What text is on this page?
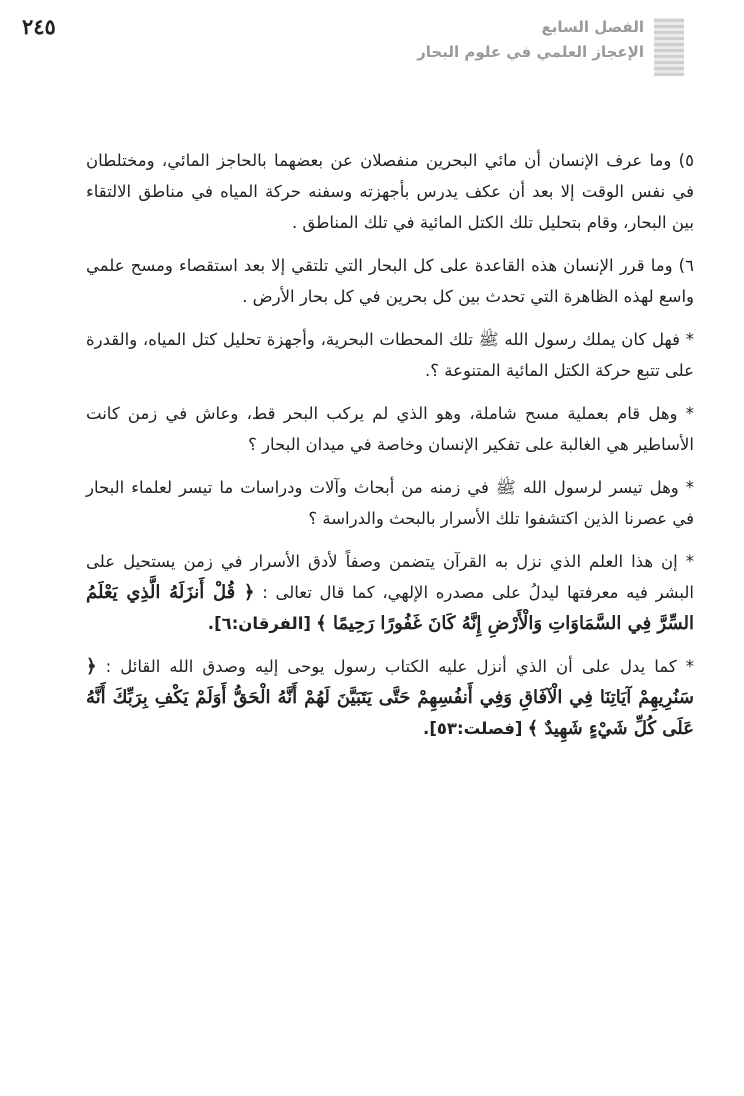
٢٤٥	الفصل السابع
الإعجاز العلمي في علوم البحار

٥) وما عرف الإنسان أن مائي البحرين منفصلان عن بعضهما بالحاجز المائي، ومختلطان في نفس الوقت إلا بعد أن عكف يدرس بأجهزته وسفنه حركة المياه في مناطق الالتقاء بين البحار، وقام بتحليل تلك الكتل المائية في تلك المناطق .

٦) وما قرر الإنسان هذه القاعدة على كل البحار التي تلتقي إلا بعد استقصاء ومسح علمي واسع لهذه الظاهرة التي تحدث بين كل بحرين في كل بحار الأرض .

* فهل كان يملك رسول الله ﷺ تلك المحطات البحرية، وأجهزة تحليل كتل المياه، والقدرة على تتبع حركة الكتل المائية المتنوعة ؟.

* وهل قام بعملية مسح شاملة، وهو الذي لم يركب البحر قط، وعاش في زمن كانت الأساطير هي الغالبة على تفكير الإنسان وخاصة في ميدان البحار ؟

* وهل تيسر لرسول الله ﷺ في زمنه من أبحاث وآلات ودراسات ما تيسر لعلماء البحار في عصرنا الذين اكتشفوا تلك الأسرار بالبحث والدراسة ؟

* إن هذا العلم الذي نزل به القرآن يتضمن وصفاً لأدق الأسرار في زمن يستحيل على البشر فيه معرفتها ليدلُ على مصدره الإلهي، كما قال تعالى : ﴿ قُلْ أَنزَلَهُ الَّذِي يَعْلَمُ السِّرَّ فِي السَّمَاوَاتِ وَالْأَرْضِ إِنَّهُ كَانَ غَفُورًا رَحِيمًا ﴾ [الفرقان:٦].

* كما يدل على أن الذي أنزل عليه الكتاب رسول يوحى إليه وصدق الله القائل : ﴿ سَنُرِيهِمْ آيَاتِنَا فِي الْآفَاقِ وَفِي أَنفُسِهِمْ حَتَّى يَتَبَيَّنَ لَهُمْ أَنَّهُ الْحَقُّ أَوَلَمْ يَكْفِ بِرَبِّكَ أَنَّهُ عَلَى كُلِّ شَيْءٍ شَهِيدٌ ﴾ [فصلت:٥٣].
